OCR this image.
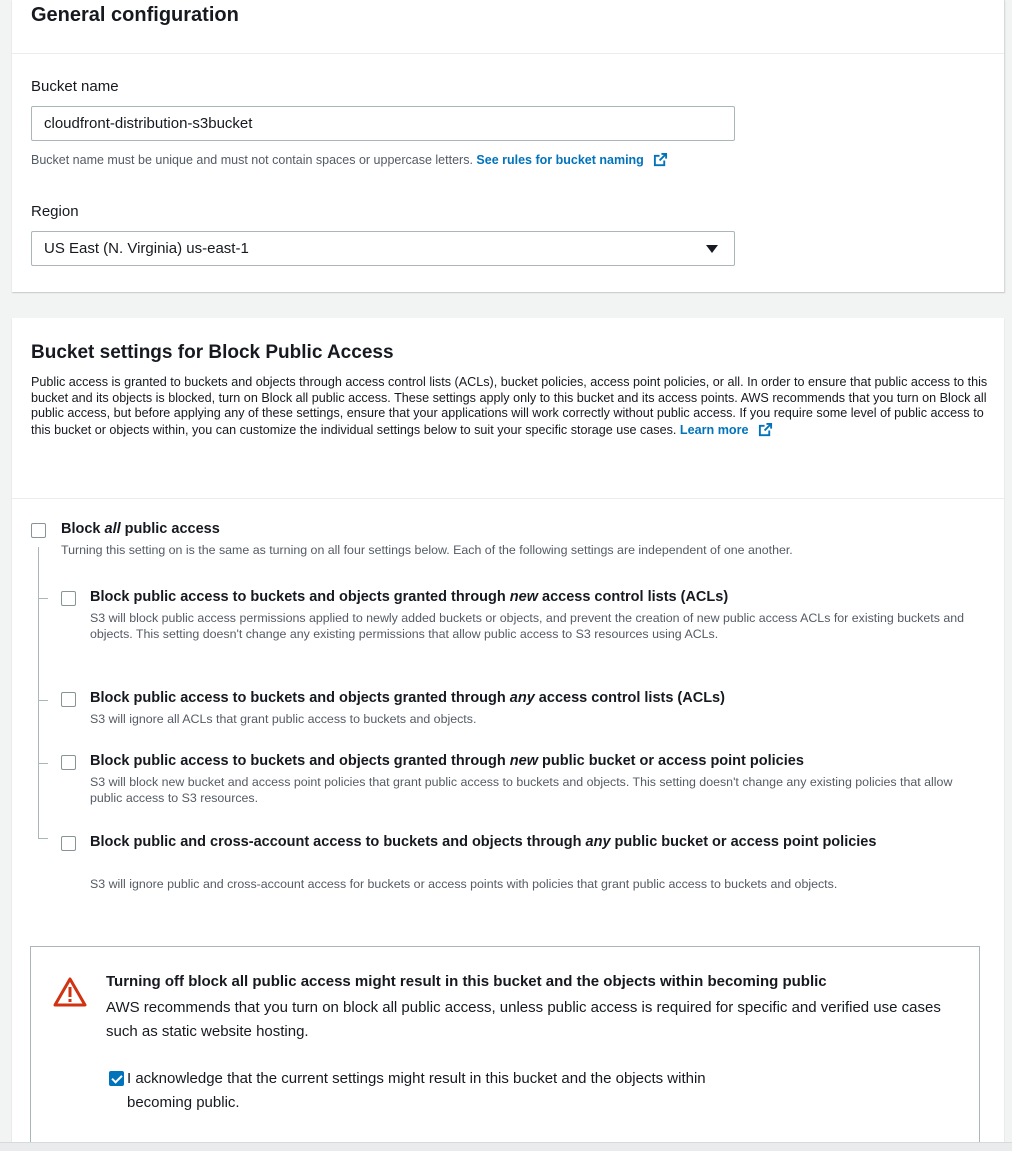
General configuration
Bucket name
cloudfront-distribution-s3bucket
Bucket name must be unique and must not contain spaces or uppercase letters. See rules for bucket naming
Region
US East (N. Virginia) us-east-1
Bucket settings for Block Public Access
Public access is granted to buckets and objects through access control lists (ACLs), bucket policies, access point policies, or all. In order to ensure that public access to this bucket and its objects is blocked, turn on Block all public access. These settings apply only to this bucket and its access points. AWS recommends that you turn on Block all public access, but before applying any of these settings, ensure that your applications will work correctly without public access. If you require some level of public access to this bucket or objects within, you can customize the individual settings below to suit your specific storage use cases. Learn more
Block all public access
Turning this setting on is the same as turning on all four settings below. Each of the following settings are independent of one another.
Block public access to buckets and objects granted through new access control lists (ACLs)
S3 will block public access permissions applied to newly added buckets or objects, and prevent the creation of new public access ACLs for existing buckets and objects. This setting doesn't change any existing permissions that allow public access to S3 resources using ACLs.
Block public access to buckets and objects granted through any access control lists (ACLs)
S3 will ignore all ACLs that grant public access to buckets and objects.
Block public access to buckets and objects granted through new public bucket or access point policies
S3 will block new bucket and access point policies that grant public access to buckets and objects. This setting doesn't change any existing policies that allow public access to S3 resources.
Block public and cross-account access to buckets and objects through any public bucket or access point policies
S3 will ignore public and cross-account access for buckets or access points with policies that grant public access to buckets and objects.
Turning off block all public access might result in this bucket and the objects within becoming public
AWS recommends that you turn on block all public access, unless public access is required for specific and verified use cases such as static website hosting.
I acknowledge that the current settings might result in this bucket and the objects within becoming public.
